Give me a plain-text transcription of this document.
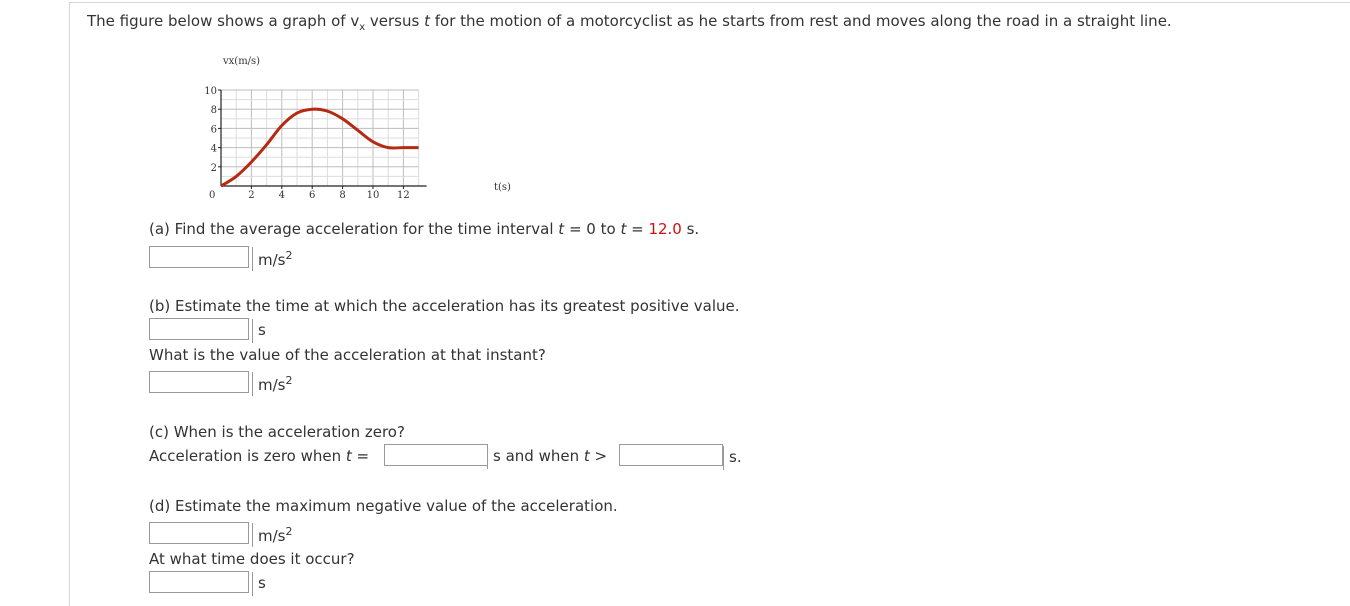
The figure below shows a graph of $v_x$ versus t for the motion of a motorcyclist as he starts from rest and moves along the road in a straight line.
0	2 4 6 8 10 12
2
4
6
8
10
vx(m/s)
t(s)
(a) Find the average acceleration for the time interval t = 0 to t = 12.0 s.
$m/s^2$
(b) Estimate the time at which the acceleration has its greatest positive value.
s
What is the value of the acceleration at that instant?
$m/s^2$
(c) When is the acceleration zero?
Acceleration is zero when t =	s and when t >	s.
(d) Estimate the maximum negative value of the acceleration.
$m/s^2$
At what time does it occur?
s
